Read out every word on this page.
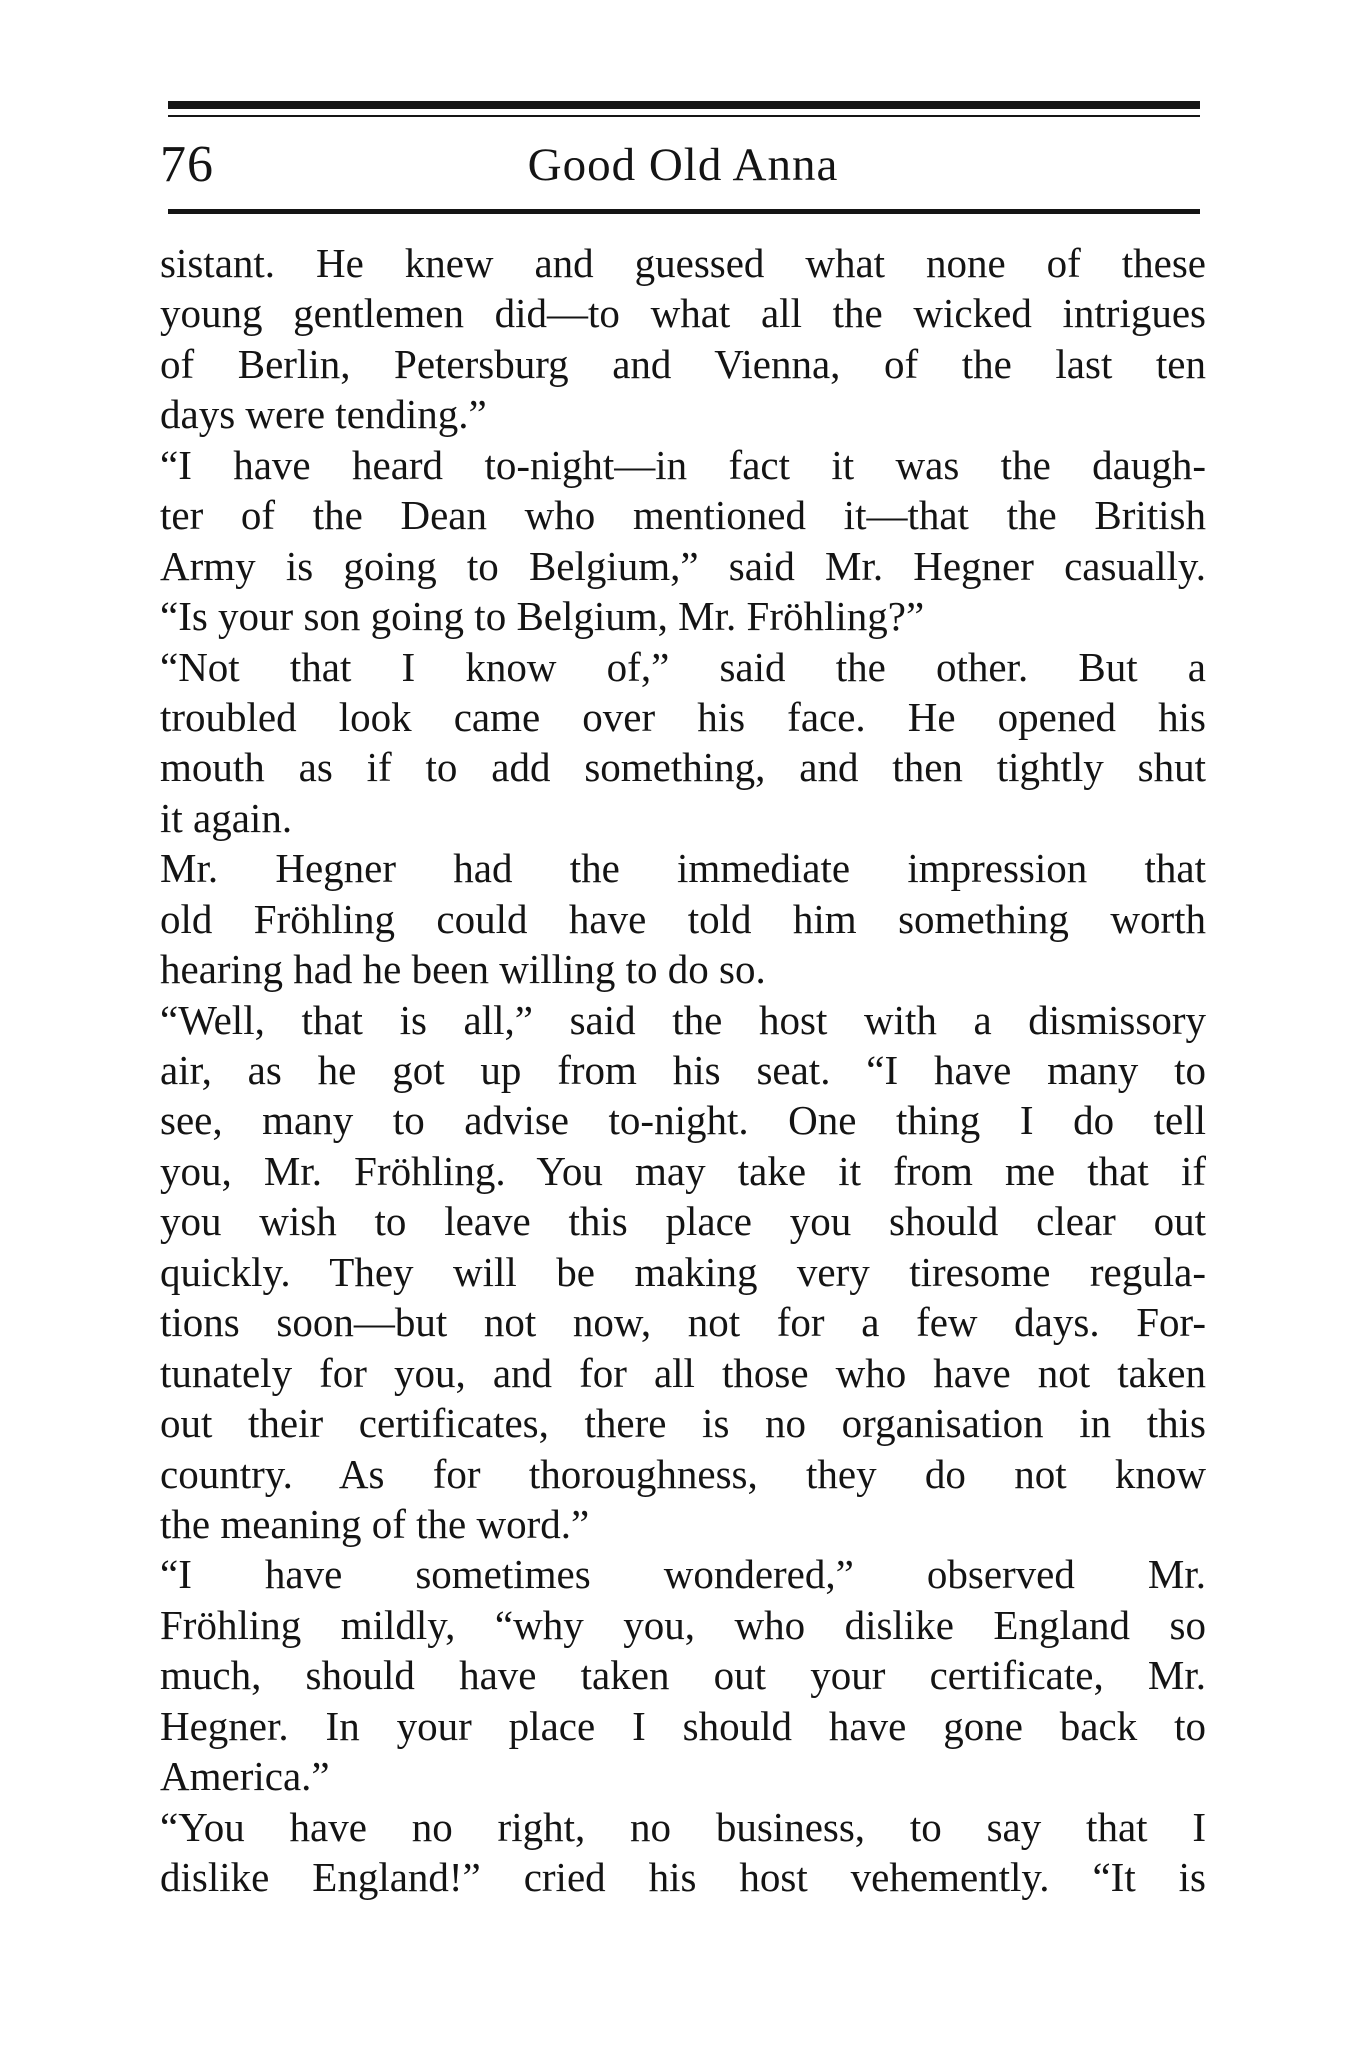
76	Good Old Anna
sistant. He knew and guessed what none of these
young gentlemen did—to what all the wicked intrigues
of Berlin, Petersburg and Vienna, of the last ten
days were tending.”
“I have heard to-night—in fact it was the daugh-
ter of the Dean who mentioned it—that the British
Army is going to Belgium,” said Mr. Hegner casually.
“Is your son going to Belgium, Mr. Fröhling?”
“Not that I know of,” said the other. But a
troubled look came over his face. He opened his
mouth as if to add something, and then tightly shut
it again.
Mr. Hegner had the immediate impression that
old Fröhling could have told him something worth
hearing had he been willing to do so.
“Well, that is all,” said the host with a dismissory
air, as he got up from his seat. “I have many to
see, many to advise to-night. One thing I do tell
you, Mr. Fröhling. You may take it from me that if
you wish to leave this place you should clear out
quickly. They will be making very tiresome regula-
tions soon—but not now, not for a few days. For-
tunately for you, and for all those who have not taken
out their certificates, there is no organisation in this
country. As for thoroughness, they do not know
the meaning of the word.”
“I have sometimes wondered,” observed Mr.
Fröhling mildly, “why you, who dislike England so
much, should have taken out your certificate, Mr.
Hegner. In your place I should have gone back to
America.”
“You have no right, no business, to say that I
dislike England!” cried his host vehemently. “It is
